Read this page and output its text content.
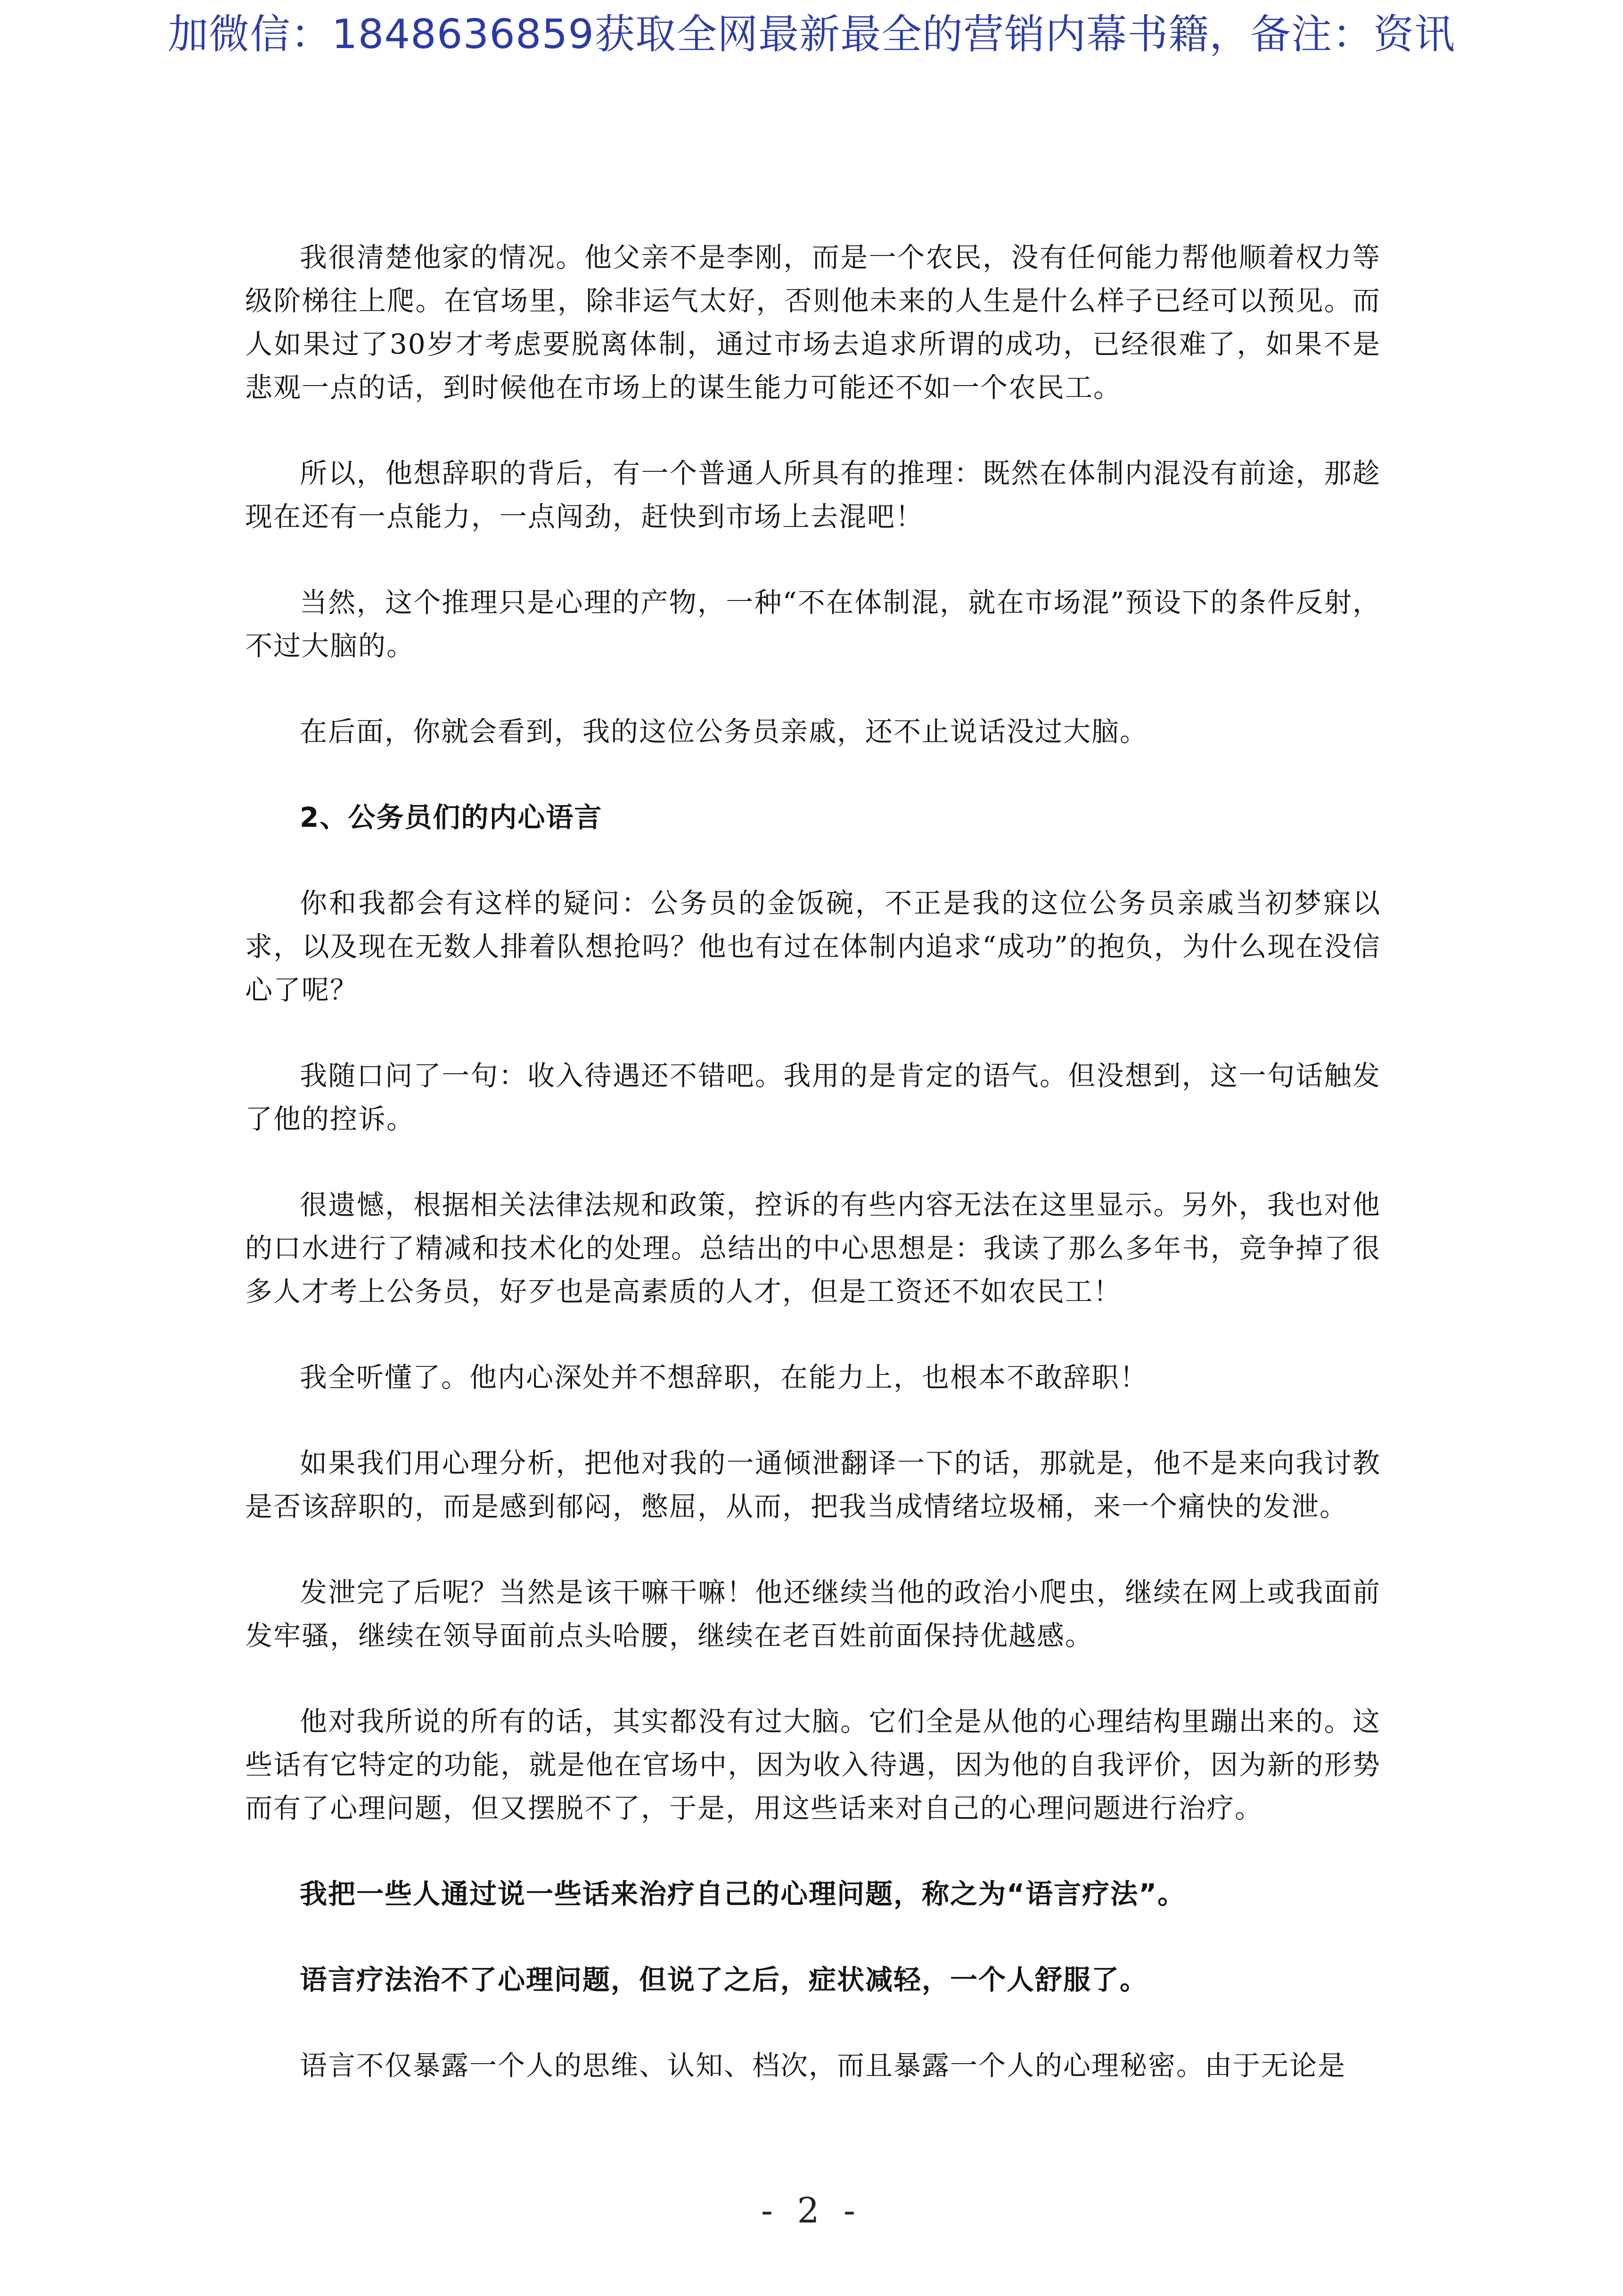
加微信：1848636859获取全网最新最全的营销内幕书籍，备注：资讯

我很清楚他家的情况。他父亲不是李刚，而是一个农民，没有任何能力帮他顺着权力等级阶梯往上爬。在官场里，除非运气太好，否则他未来的人生是什么样子已经可以预见。而人如果过了30岁才考虑要脱离体制，通过市场去追求所谓的成功，已经很难了，如果不是悲观一点的话，到时候他在市场上的谋生能力可能还不如一个农民工。

所以，他想辞职的背后，有一个普通人所具有的推理：既然在体制内混没有前途，那趁现在还有一点能力，一点闯劲，赶快到市场上去混吧！

当然，这个推理只是心理的产物，一种“不在体制混，就在市场混”预设下的条件反射，不过大脑的。

在后面，你就会看到，我的这位公务员亲戚，还不止说话没过大脑。

2、公务员们的内心语言

你和我都会有这样的疑问：公务员的金饭碗，不正是我的这位公务员亲戚当初梦寐以求，以及现在无数人排着队想抢吗？他也有过在体制内追求“成功”的抱负，为什么现在没信心了呢？

我随口问了一句：收入待遇还不错吧。我用的是肯定的语气。但没想到，这一句话触发了他的控诉。

很遗憾，根据相关法律法规和政策，控诉的有些内容无法在这里显示。另外，我也对他的口水进行了精减和技术化的处理。总结出的中心思想是：我读了那么多年书，竞争掉了很多人才考上公务员，好歹也是高素质的人才，但是工资还不如农民工！

我全听懂了。他内心深处并不想辞职，在能力上，也根本不敢辞职！

如果我们用心理分析，把他对我的一通倾泄翻译一下的话，那就是，他不是来向我讨教是否该辞职的，而是感到郁闷，憋屈，从而，把我当成情绪垃圾桶，来一个痛快的发泄。

发泄完了后呢？当然是该干嘛干嘛！他还继续当他的政治小爬虫，继续在网上或我面前发牢骚，继续在领导面前点头哈腰，继续在老百姓前面保持优越感。

他对我所说的所有的话，其实都没有过大脑。它们全是从他的心理结构里蹦出来的。这些话有它特定的功能，就是他在官场中，因为收入待遇，因为他的自我评价，因为新的形势而有了心理问题，但又摆脱不了，于是，用这些话来对自己的心理问题进行治疗。

我把一些人通过说一些话来治疗自己的心理问题，称之为“语言疗法”。

语言疗法治不了心理问题，但说了之后，症状减轻，一个人舒服了。

语言不仅暴露一个人的思维、认知、档次，而且暴露一个人的心理秘密。由于无论是

- 2 -
